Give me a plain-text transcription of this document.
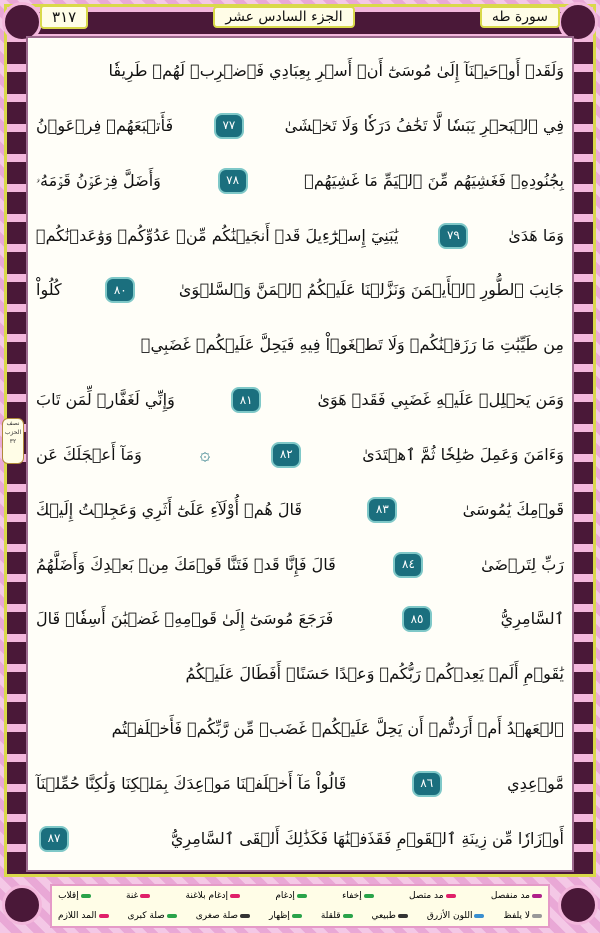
سورة طه
الجزء السادس عشر
٣١٧
نصف الحزب ٣٢
وَلَقَدۡ أَوۡحَيۡنَآ إِلَىٰ مُوسَىٰٓ أَنۡ أَسۡرِ بِعِبَادِي فَٱضۡرِبۡ لَهُمۡ طَرِيقٗا
فِي ٱلۡبَحۡرِ يَبَسٗا لَّا تَخَٰفُ دَرَكٗا وَلَا تَخۡشَىٰ
٧٧
فَأَتۡبَعَهُمۡ فِرۡعَوۡنُ
بِجُنُودِهِۦ فَغَشِيَهُم مِّنَ ٱلۡيَمِّ مَا غَشِيَهُمۡ
٧٨
وَأَضَلَّ فِرۡعَوۡنُ قَوۡمَهُۥ
وَمَا هَدَىٰ
٧٩
يَٰبَنِيٓ إِسۡرَٰٓءِيلَ قَدۡ أَنجَيۡنَٰكُم مِّنۡ عَدُوِّكُمۡ وَوَٰعَدۡنَٰكُمۡ
جَانِبَ ٱلطُّورِ ٱلۡأَيۡمَنَ وَنَزَّلۡنَا عَلَيۡكُمُ ٱلۡمَنَّ وَٱلسَّلۡوَىٰ
٨٠
كُلُواْ
مِن طَيِّبَٰتِ مَا رَزَقۡنَٰكُمۡ وَلَا تَطۡغَوۡاْ فِيهِ فَيَحِلَّ عَلَيۡكُمۡ غَضَبِيۖ
وَمَن يَحۡلِلۡ عَلَيۡهِ غَضَبِي فَقَدۡ هَوَىٰ
٨١
وَإِنِّي لَغَفَّارٞ لِّمَن تَابَ
وَءَامَنَ وَعَمِلَ صَٰلِحٗا ثُمَّ ٱهۡتَدَىٰ
٨٢
۞
وَمَآ أَعۡجَلَكَ عَن
قَوۡمِكَ يَٰمُوسَىٰ
٨٣
قَالَ هُمۡ أُوْلَآءِ عَلَىٰٓ أَثَرِي وَعَجِلۡتُ إِلَيۡكَ
رَبِّ لِتَرۡضَىٰ
٨٤
قَالَ فَإِنَّا قَدۡ فَتَنَّا قَوۡمَكَ مِنۢ بَعۡدِكَ وَأَضَلَّهُمُ
ٱلسَّامِرِيُّ
٨٥
فَرَجَعَ مُوسَىٰٓ إِلَىٰ قَوۡمِهِۦ غَضۡبَٰنَ أَسِفٗاۚ قَالَ
يَٰقَوۡمِ أَلَمۡ يَعِدۡكُمۡ رَبُّكُمۡ وَعۡدًا حَسَنًاۚ أَفَطَالَ عَلَيۡكُمُ
ٱلۡعَهۡدُ أَمۡ أَرَدتُّمۡ أَن يَحِلَّ عَلَيۡكُمۡ غَضَبٞ مِّن رَّبِّكُمۡ فَأَخۡلَفۡتُم
مَّوۡعِدِي
٨٦
قَالُواْ مَآ أَخۡلَفۡنَا مَوۡعِدَكَ بِمَلۡكِنَا وَلَٰكِنَّا حُمِّلۡنَآ
أَوۡزَارٗا مِّن زِينَةِ ٱلۡقَوۡمِ فَقَذَفۡنَٰهَا فَكَذَٰلِكَ أَلۡقَى ٱلسَّامِرِيُّ
٨٧
مد منفصل
مد متصل
إخفاء
إدغام
إدغام بلاغنة
غنة
إقلاب
لا يلفظ
اللون الأزرق
طبيعي
قلقلة
إظهار
صلة صغرى
صلة كبرى
المد اللازم
